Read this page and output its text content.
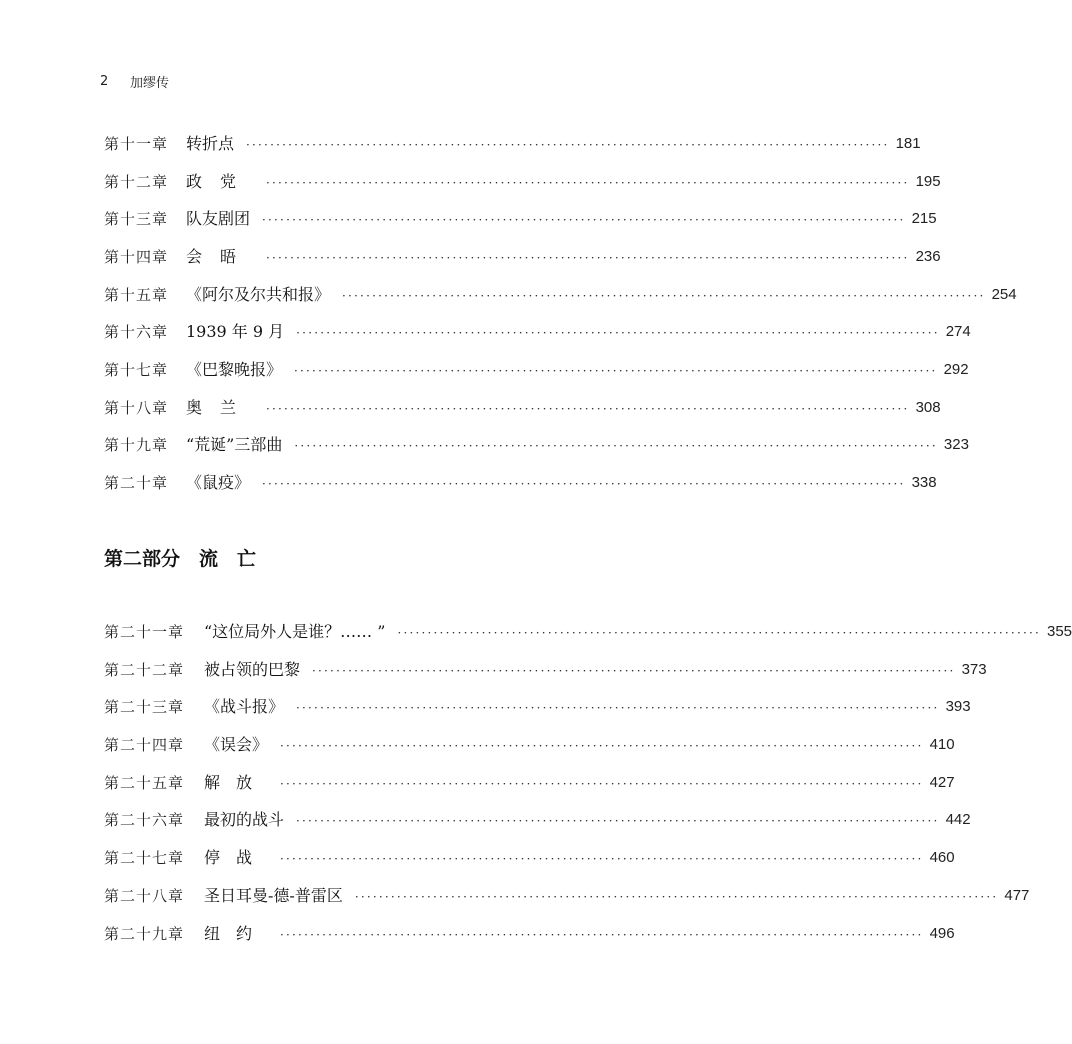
2	加缪传
第十一章	转折点 ··········································································································· 181
第十二章	政党 ··········································································································· 195
第十三章	队友剧团 ··········································································································· 215
第十四章	会晤 ··········································································································· 236
第十五章	《阿尔及尔共和报》 ··········································································································· 254
第十六章	1939 年 9 月 ··········································································································· 274
第十七章	《巴黎晚报》 ··········································································································· 292
第十八章	奥兰 ··········································································································· 308
第十九章	“荒诞”三部曲 ··········································································································· 323
第二十章	《鼠疫》 ··········································································································· 338
第二部分　流　亡
第二十一章	“这位局外人是谁？…… ” ··········································································································· 355
第二十二章	被占领的巴黎 ··········································································································· 373
第二十三章	《战斗报》 ··········································································································· 393
第二十四章	《误会》 ··········································································································· 410
第二十五章	解放 ··········································································································· 427
第二十六章	最初的战斗 ··········································································································· 442
第二十七章	停战 ··········································································································· 460
第二十八章	圣日耳曼-德-普雷区 ··········································································································· 477
第二十九章	纽约 ··········································································································· 496
